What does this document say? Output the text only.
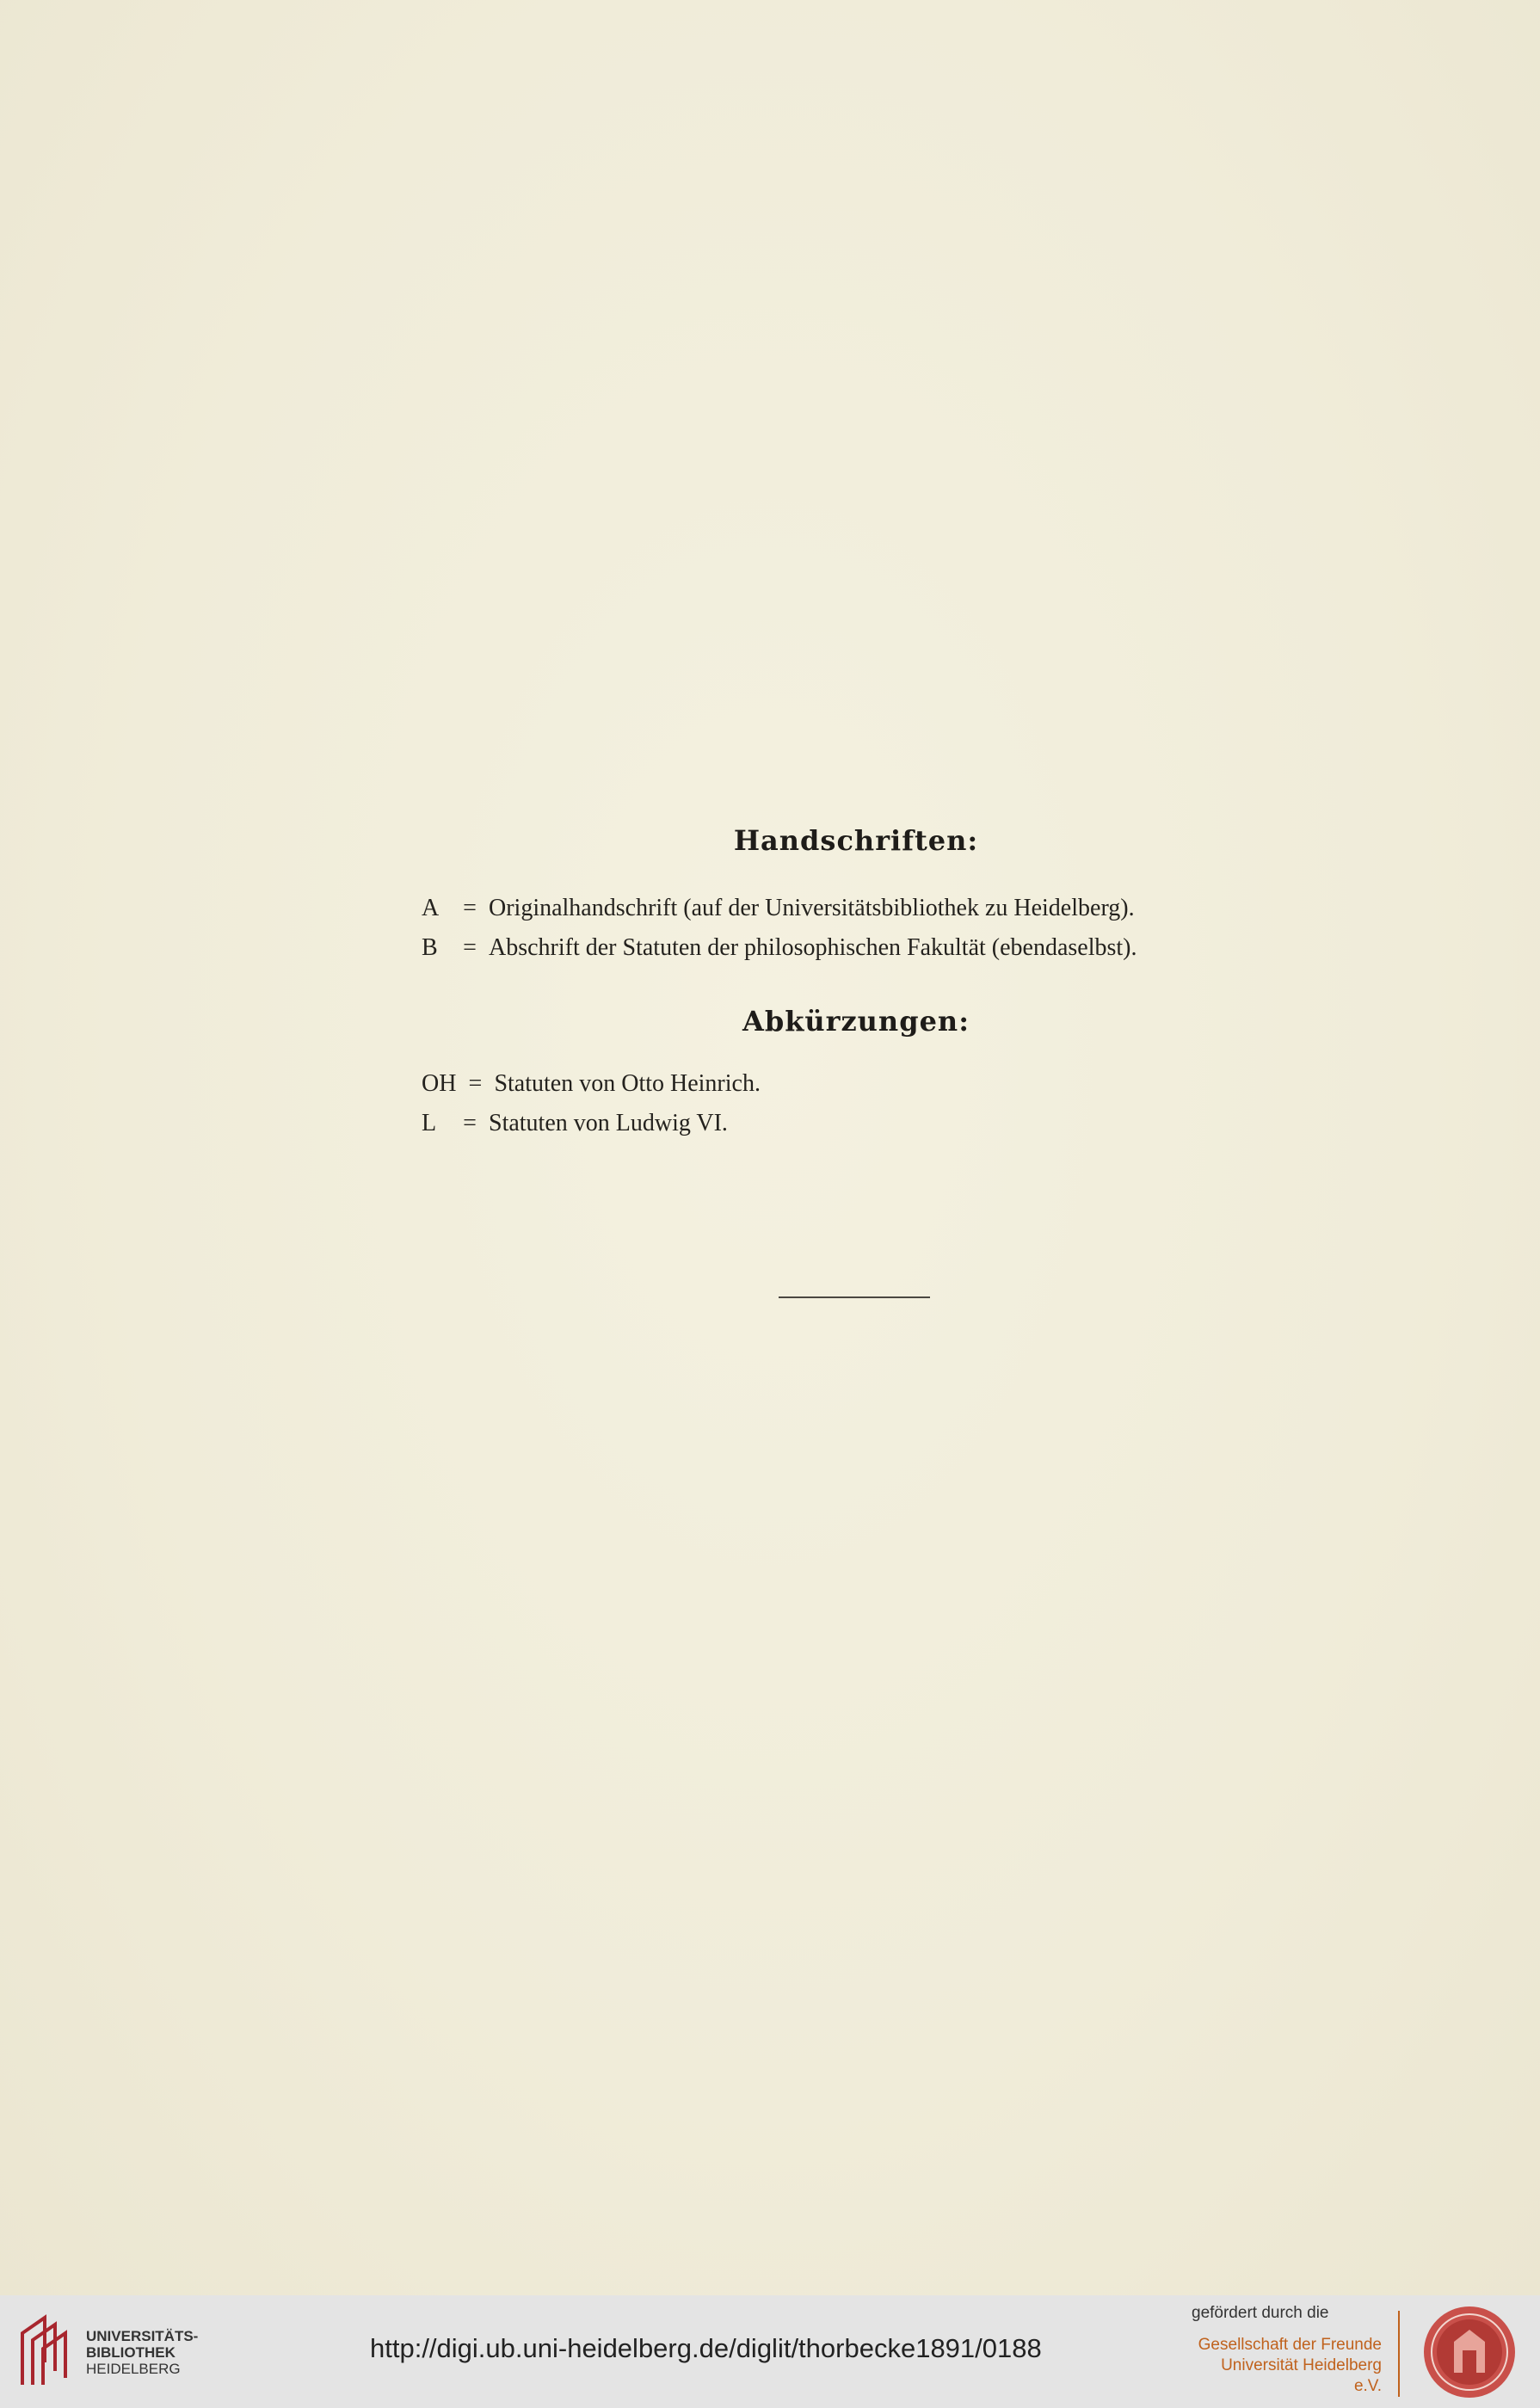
Handschriften:
A = Originalhandschrift (auf der Universitätsbibliothek zu Heidelberg).
B = Abschrift der Statuten der philosophischen Fakultät (ebendaselbst).
Abkürzungen:
OH = Statuten von Otto Heinrich.
L = Statuten von Ludwig VI.
UNIVERSITÄTS-
BIBLIOTHEK
HEIDELBERG
http://digi.ub.uni-heidelberg.de/diglit/thorbecke1891/0188
gefördert durch die
Gesellschaft der Freunde
Universität Heidelberg e.V.
